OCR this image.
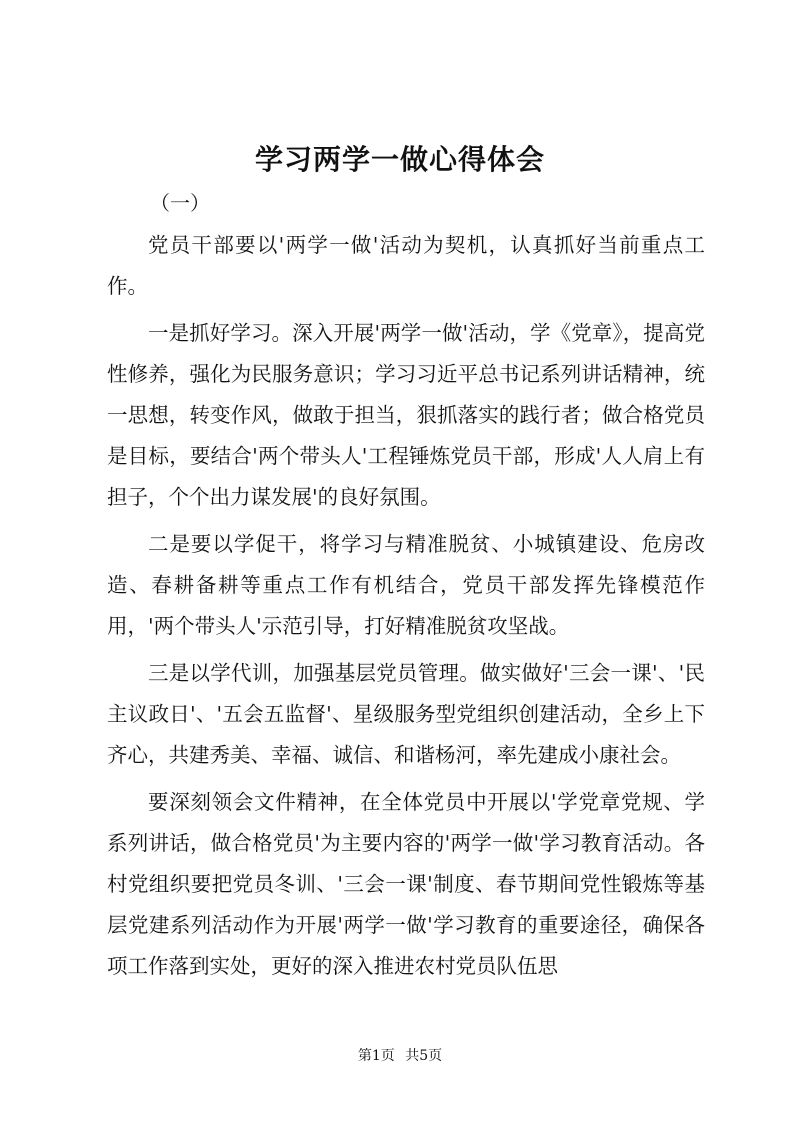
学习两学一做心得体会

（一）

党员干部要以'两学一做'活动为契机，认真抓好当前重点工作。

一是抓好学习。深入开展'两学一做'活动，学《党章》，提高党性修养，强化为民服务意识；学习习近平总书记系列讲话精神，统一思想，转变作风，做敢于担当，狠抓落实的践行者；做合格党员是目标，要结合'两个带头人'工程锤炼党员干部，形成'人人肩上有担子，个个出力谋发展'的良好氛围。

二是要以学促干，将学习与精准脱贫、小城镇建设、危房改造、春耕备耕等重点工作有机结合，党员干部发挥先锋模范作用，'两个带头人'示范引导，打好精准脱贫攻坚战。

三是以学代训，加强基层党员管理。做实做好'三会一课'、'民主议政日'、'五会五监督'、星级服务型党组织创建活动，全乡上下齐心，共建秀美、幸福、诚信、和谐杨河，率先建成小康社会。

要深刻领会文件精神，在全体党员中开展以'学党章党规、学系列讲话，做合格党员'为主要内容的'两学一做'学习教育活动。各村党组织要把党员冬训、'三会一课'制度、春节期间党性锻炼等基层党建系列活动作为开展'两学一做'学习教育的重要途径，确保各项工作落到实处，更好的深入推进农村党员队伍思

第1页 共5页
